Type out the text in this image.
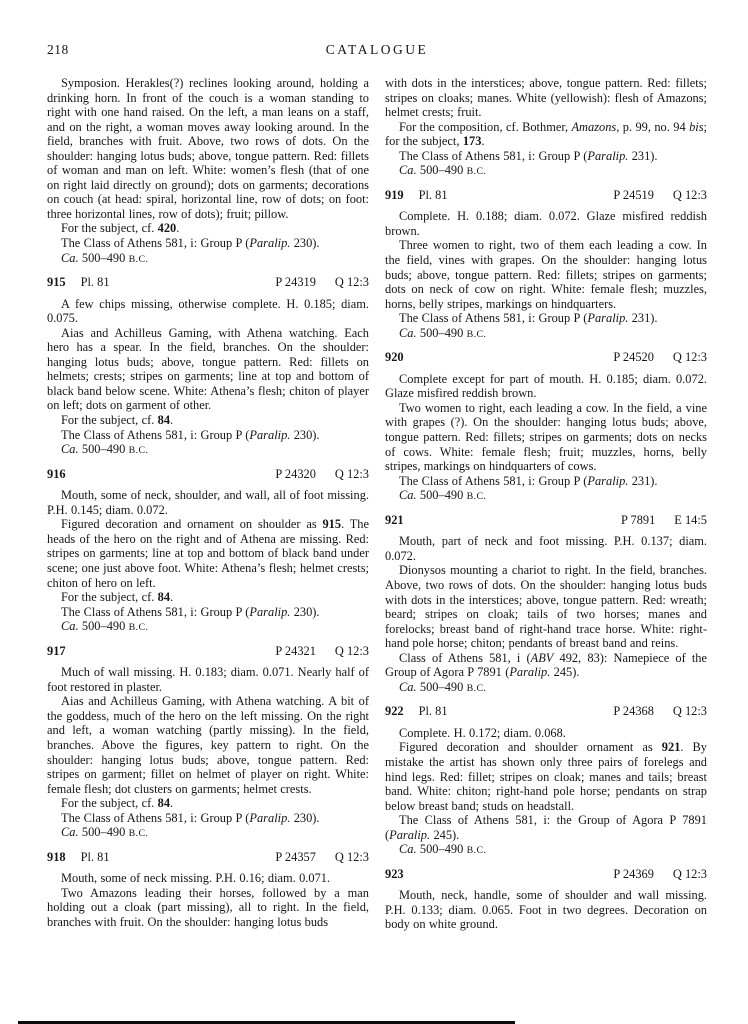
218	CATALOGUE

Symposion. Herakles(?) reclines looking around, holding a drinking horn. In front of the couch is a woman standing to right with one hand raised. On the left, a man leans on a staff, and on the right, a woman moves away looking around. In the field, branches with fruit. Above, two rows of dots. On the shoulder: hanging lotus buds; above, tongue pattern. Red: fillets of woman and man on left. White: women’s flesh (that of one on right laid directly on ground); dots on garments; decorations on couch (at head: spiral, horizontal line, row of dots; on foot: three horizontal lines, row of dots); fruit; pillow.

For the subject, cf. 420.

The Class of Athens 581, i: Group P (Paralip. 230).

Ca. 500–490 B.C.

915 Pl. 81	P 24319 Q 12:3

A few chips missing, otherwise complete. H. 0.185; diam. 0.075.

Aias and Achilleus Gaming, with Athena watching. Each hero has a spear. In the field, branches. On the shoulder: hanging lotus buds; above, tongue pattern. Red: fillets on helmets; crests; stripes on garments; line at top and bottom of black band below scene. White: Athena’s flesh; chiton of player on left; dots on garment of other.

For the subject, cf. 84.

The Class of Athens 581, i: Group P (Paralip. 230).

Ca. 500–490 B.C.

916	P 24320 Q 12:3

Mouth, some of neck, shoulder, and wall, all of foot missing. P.H. 0.145; diam. 0.072.

Figured decoration and ornament on shoulder as 915. The heads of the hero on the right and of Athena are missing. Red: stripes on garments; line at top and bottom of black band under scene; one just above foot. White: Athena’s flesh; helmet crests; chiton of hero on left.

For the subject, cf. 84.

The Class of Athens 581, i: Group P (Paralip. 230).

Ca. 500–490 B.C.

917	P 24321 Q 12:3

Much of wall missing. H. 0.183; diam. 0.071. Nearly half of foot restored in plaster.

Aias and Achilleus Gaming, with Athena watching. A bit of the goddess, much of the hero on the left missing. On the right and left, a woman watching (partly missing). In the field, branches. Above the figures, key pattern to right. On the shoulder: hanging lotus buds; above, tongue pattern. Red: stripes on garment; fillet on helmet of player on right. White: female flesh; dot clusters on garments; helmet crests.

For the subject, cf. 84.

The Class of Athens 581, i: Group P (Paralip. 230).

Ca. 500–490 B.C.

918 Pl. 81	P 24357 Q 12:3

Mouth, some of neck missing. P.H. 0.16; diam. 0.071.

Two Amazons leading their horses, followed by a man holding out a cloak (part missing), all to right. In the field, branches with fruit. On the shoulder: hanging lotus buds

with dots in the interstices; above, tongue pattern. Red: fillets; stripes on cloaks; manes. White (yellowish): flesh of Amazons; helmet crests; fruit.

For the composition, cf. Bothmer, Amazons, p. 99, no. 94 bis; for the subject, 173.

The Class of Athens 581, i: Group P (Paralip. 231).

Ca. 500–490 B.C.

919 Pl. 81	P 24519 Q 12:3

Complete. H. 0.188; diam. 0.072. Glaze misfired reddish brown.

Three women to right, two of them each leading a cow. In the field, vines with grapes. On the shoulder: hanging lotus buds; above, tongue pattern. Red: fillets; stripes on garments; dots on neck of cow on right. White: female flesh; muzzles, horns, belly stripes, markings on hindquarters.

The Class of Athens 581, i: Group P (Paralip. 231).

Ca. 500–490 B.C.

920	P 24520 Q 12:3

Complete except for part of mouth. H. 0.185; diam. 0.072. Glaze misfired reddish brown.

Two women to right, each leading a cow. In the field, a vine with grapes (?). On the shoulder: hanging lotus buds; above, tongue pattern. Red: fillets; stripes on garments; dots on necks of cows. White: female flesh; fruit; muzzles, horns, belly stripes, markings on hindquarters of cows.

The Class of Athens 581, i: Group P (Paralip. 231).

Ca. 500–490 B.C.

921	P 7891 E 14:5

Mouth, part of neck and foot missing. P.H. 0.137; diam. 0.072.

Dionysos mounting a chariot to right. In the field, branches. Above, two rows of dots. On the shoulder: hanging lotus buds with dots in the interstices; above, tongue pattern. Red: wreath; beard; stripes on cloak; tails of two horses; manes and forelocks; breast band of right-hand trace horse. White: right-hand pole horse; chiton; pendants of breast band and reins.

Class of Athens 581, i (ABV 492, 83): Namepiece of the Group of Agora P 7891 (Paralip. 245).

Ca. 500–490 B.C.

922 Pl. 81	P 24368 Q 12:3

Complete. H. 0.172; diam. 0.068.

Figured decoration and shoulder ornament as 921. By mistake the artist has shown only three pairs of forelegs and hind legs. Red: fillet; stripes on cloak; manes and tails; breast band. White: chiton; right-hand pole horse; pendants on strap below breast band; studs on headstall.

The Class of Athens 581, i: the Group of Agora P 7891 (Paralip. 245).

Ca. 500–490 B.C.

923	P 24369 Q 12:3

Mouth, neck, handle, some of shoulder and wall missing. P.H. 0.133; diam. 0.065. Foot in two degrees. Decoration on body on white ground.
